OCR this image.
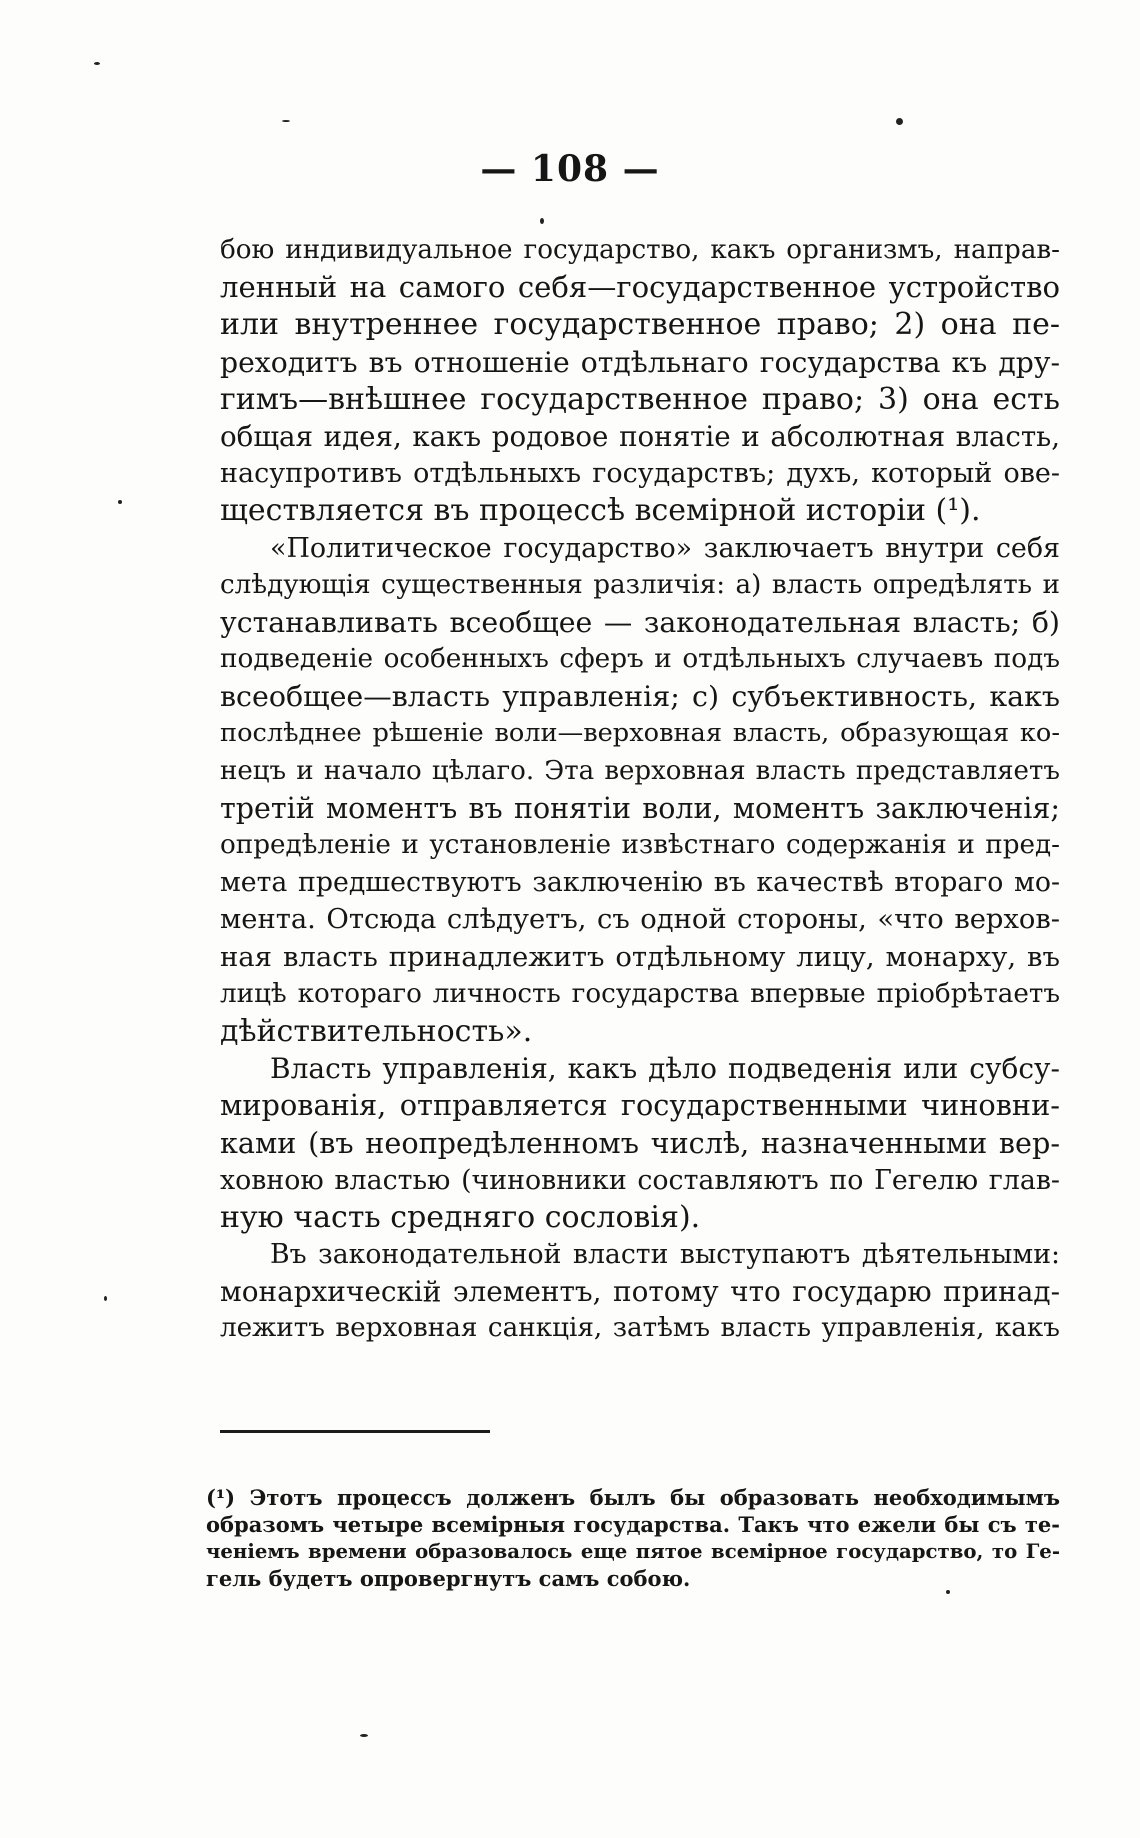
— 108 —
бою индивидуальное государство, какъ организмъ, направ-
ленный на самого себя—государственное устройство
или внутреннее государственное право; 2) она пе-
реходитъ въ отношеніе отдѣльнаго государства къ дру-
гимъ—внѣшнее государственное право; 3) она есть
общая идея, какъ родовое понятіе и абсолютная власть,
насупротивъ отдѣльныхъ государствъ; духъ, который ове-
ществляется въ процессѣ всемірной исторіи (¹).
«Политическое государство» заключаетъ внутри себя
слѣдующія существенныя различія: а) власть опредѣлять и
устанавливать всеобщее — законодательная власть; б)
подведеніе особенныхъ сферъ и отдѣльныхъ случаевъ подъ
всеобщее—власть управленія; с) субъективность, какъ
послѣднее рѣшеніе воли—верховная власть, образующая ко-
нецъ и начало цѣлаго. Эта верховная власть представляетъ
третій моментъ въ понятіи воли, моментъ заключенія;
опредѣленіе и установленіе извѣстнаго содержанія и пред-
мета предшествуютъ заключенію въ качествѣ втораго мо-
мента. Отсюда слѣдуетъ, съ одной стороны, «что верхов-
ная власть принадлежитъ отдѣльному лицу, монарху, въ
лицѣ котораго личность государства впервые пріобрѣтаетъ
дѣйствительность».
Власть управленія, какъ дѣло подведенія или субсу-
мированія, отправляется государственными чиновни-
ками (въ неопредѣленномъ числѣ, назначенными вер-
ховною властью (чиновники составляютъ по Гегелю глав-
ную часть средняго сословія).
Въ законодательной власти выступаютъ дѣятельными:
монархическій элементъ, потому что государю принад-
лежитъ верховная санкція, затѣмъ власть управленія, какъ
(¹) Этотъ процессъ долженъ былъ бы образовать необходимымъ
образомъ четыре всемірныя государства. Такъ что ежели бы съ те-
ченіемъ времени образовалось еще пятое всемірное государство, то Ге-
гель будетъ опровергнутъ самъ собою.
